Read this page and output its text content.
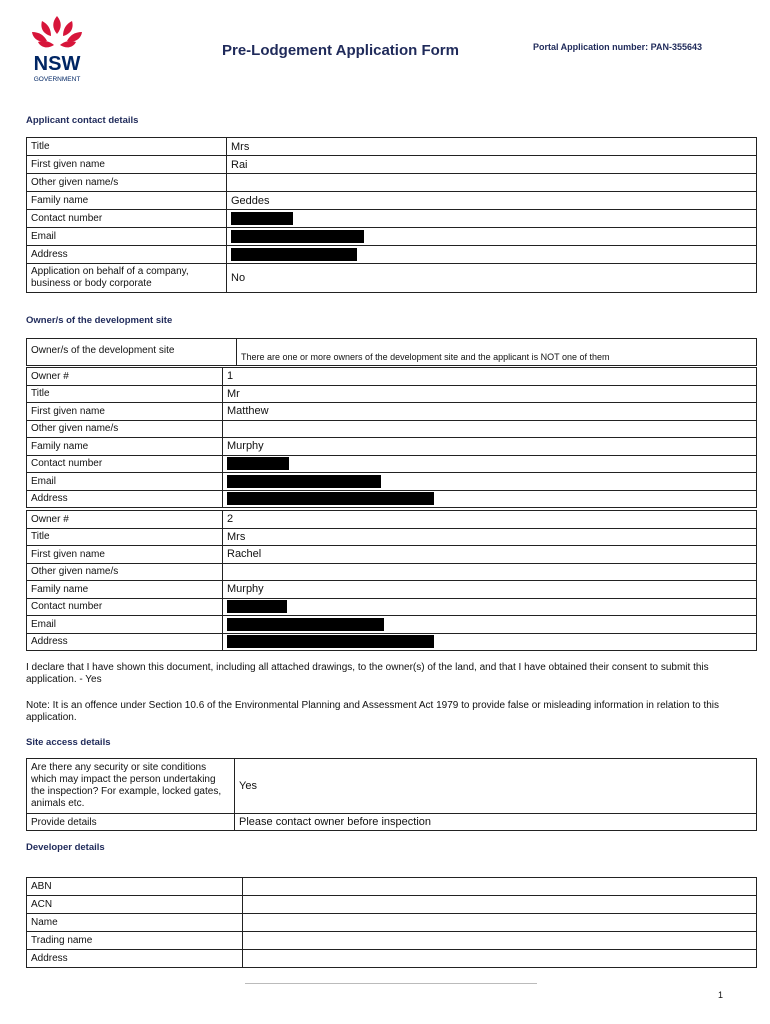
NSW
GOVERNMENT
Pre-Lodgement Application Form	Portal Application number: PAN-355643
Applicant contact details
Title	Mrs
First given name	Rai
Other given name/s	
Family name	Geddes
Contact number	
Email	
Address	
Application on behalf of a company, business or body corporate	No
Owner/s of the development site
Owner/s of the development site	There are one or more owners of the development site and the applicant is NOT one of them
Owner #	1
Title	Mr
First given name	Matthew
Other given name/s	
Family name	Murphy
Contact number	
Email	
Address	
Owner #	2
Title	Mrs
First given name	Rachel
Other given name/s	
Family name	Murphy
Contact number	
Email	
Address	
I declare that I have shown this document, including all attached drawings, to the owner(s) of the land, and that I have obtained their consent to submit this application. - Yes
Note: It is an offence under Section 10.6 of the Environmental Planning and Assessment Act 1979 to provide false or misleading information in relation to this application.
Site access details
Are there any security or site conditions which may impact the person undertaking the inspection? For example, locked gates, animals etc.	Yes
Provide details	Please contact owner before inspection
Developer details
ABN	
ACN	
Name	
Trading name	
Address	
1
